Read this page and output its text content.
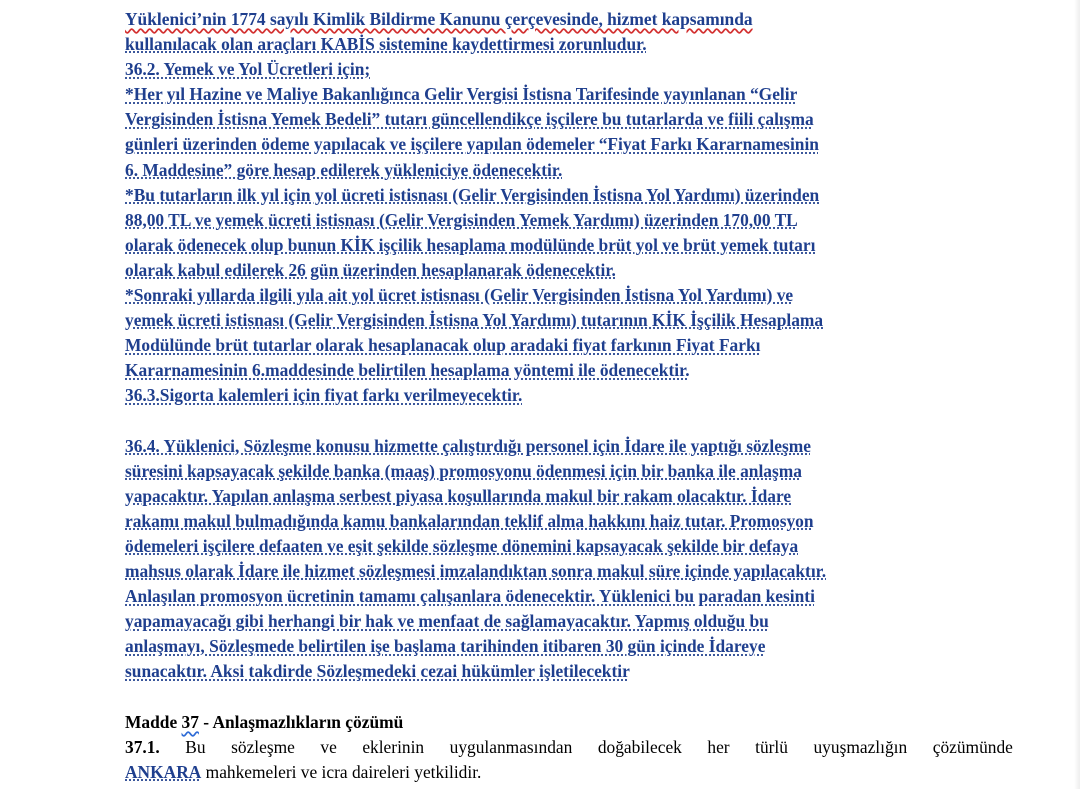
Yüklenici’nin 1774 sayılı Kimlik Bildirme Kanunu çerçevesinde, hizmet kapsamında
kullanılacak olan araçları KABİS sistemine kaydettirmesi zorunludur.
36.2. Yemek ve Yol Ücretleri için;
*Her yıl Hazine ve Maliye Bakanlığınca Gelir Vergisi İstisna Tarifesinde yayınlanan “Gelir
Vergisinden İstisna Yemek Bedeli” tutarı güncellendikçe işçilere bu tutarlarda ve fiili çalışma
günleri üzerinden ödeme yapılacak ve işçilere yapılan ödemeler “Fiyat Farkı Kararnamesinin
6. Maddesine” göre hesap edilerek yükleniciye ödenecektir.
*Bu tutarların ilk yıl için yol ücreti istisnası (Gelir Vergisinden İstisna Yol Yardımı) üzerinden
88,00 TL ve yemek ücreti istisnası (Gelir Vergisinden Yemek Yardımı) üzerinden 170,00 TL
olarak ödenecek olup bunun KİK işçilik hesaplama modülünde brüt yol ve brüt yemek tutarı
olarak kabul edilerek 26 gün üzerinden hesaplanarak ödenecektir.
*Sonraki yıllarda ilgili yıla ait yol ücret istisnası (Gelir Vergisinden İstisna Yol Yardımı) ve
yemek ücreti istisnası (Gelir Vergisinden İstisna Yol Yardımı) tutarının KİK İşçilik Hesaplama
Modülünde brüt tutarlar olarak hesaplanacak olup aradaki fiyat farkının Fiyat Farkı
Kararnamesinin 6.maddesinde belirtilen hesaplama yöntemi ile ödenecektir.
36.3.Sigorta kalemleri için fiyat farkı verilmeyecektir.
36.4. Yüklenici, Sözleşme konusu hizmette çalıştırdığı personel için İdare ile yaptığı sözleşme
süresini kapsayacak şekilde banka (maaş) promosyonu ödenmesi için bir banka ile anlaşma
yapacaktır. Yapılan anlaşma serbest piyasa koşullarında makul bir rakam olacaktır. İdare
rakamı makul bulmadığında kamu bankalarından teklif alma hakkını haiz tutar. Promosyon
ödemeleri işçilere defaaten ve eşit şekilde sözleşme dönemini kapsayacak şekilde bir defaya
mahsus olarak İdare ile hizmet sözleşmesi imzalandıktan sonra makul süre içinde yapılacaktır.
Anlaşılan promosyon ücretinin tamamı çalışanlara ödenecektir. Yüklenici bu paradan kesinti
yapamayacağı gibi herhangi bir hak ve menfaat de sağlamayacaktır. Yapmış olduğu bu
anlaşmayı, Sözleşmede belirtilen işe başlama tarihinden itibaren 30 gün içinde İdareye
sunacaktır. Aksi takdirde Sözleşmedeki cezai hükümler işletilecektir
Madde 37 - Anlaşmazlıkların çözümü
37.1. Bu sözleşme ve eklerinin uygulanmasından doğabilecek her türlü uyuşmazlığın çözümünde
ANKARA mahkemeleri ve icra daireleri yetkilidir.
